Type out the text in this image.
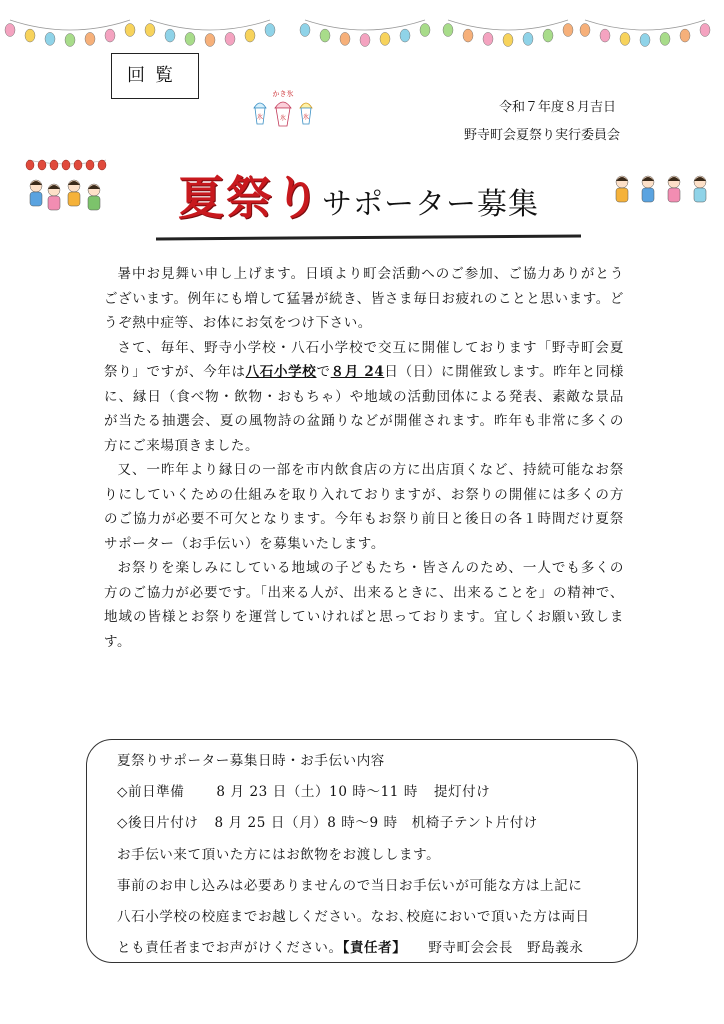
回覧
かき氷
氷	氷	氷
令和７年度８月吉日
野寺町会夏祭り実行委員会
夏祭りサポーター募集

暑中お見舞い申し上げます。日頃より町会活動へのご参加、ご協力ありがとうございます。例年にも増して猛暑が続き、皆さま毎日お疲れのことと思います。どうぞ熱中症等、お体にお気をつけ下さい。

さて、毎年、野寺小学校・八石小学校で交互に開催しております「野寺町会夏祭り」ですが、今年は八石小学校で８月 24日（日）に開催致します。昨年と同様に、縁日（食べ物・飲物・おもちゃ）や地域の活動団体による発表、素敵な景品が当たる抽選会、夏の風物詩の盆踊りなどが開催されます。昨年も非常に多くの方にご来場頂きました。

又、一昨年より縁日の一部を市内飲食店の方に出店頂くなど、持続可能なお祭りにしていくための仕組みを取り入れておりますが、お祭りの開催には多くの方のご協力が必要不可欠となります。今年もお祭り前日と後日の各１時間だけ夏祭サポーター（お手伝い）を募集いたします。

お祭りを楽しみにしている地域の子どもたち・皆さんのため、一人でも多くの方のご協力が必要です。「出来る人が、出来るときに、出来ることを」の精神で、地域の皆様とお祭りを運営していければと思っております。宜しくお願い致します。

夏祭りサポーター募集日時・お手伝い内容
◇前日準備 8 月 23 日（土）10 時～11 時 提灯付け
◇後日片付け 8 月 25 日（月）8 時～9 時 机椅子テント片付け
お手伝い来て頂いた方にはお飲物をお渡しします。
事前のお申し込みは必要ありませんので当日お手伝いが可能な方は上記に
八石小学校の校庭までお越しください。なお､校庭においで頂いた方は両日
とも責任者までお声がけください。【責任者】 野寺町会会長　野島義永
